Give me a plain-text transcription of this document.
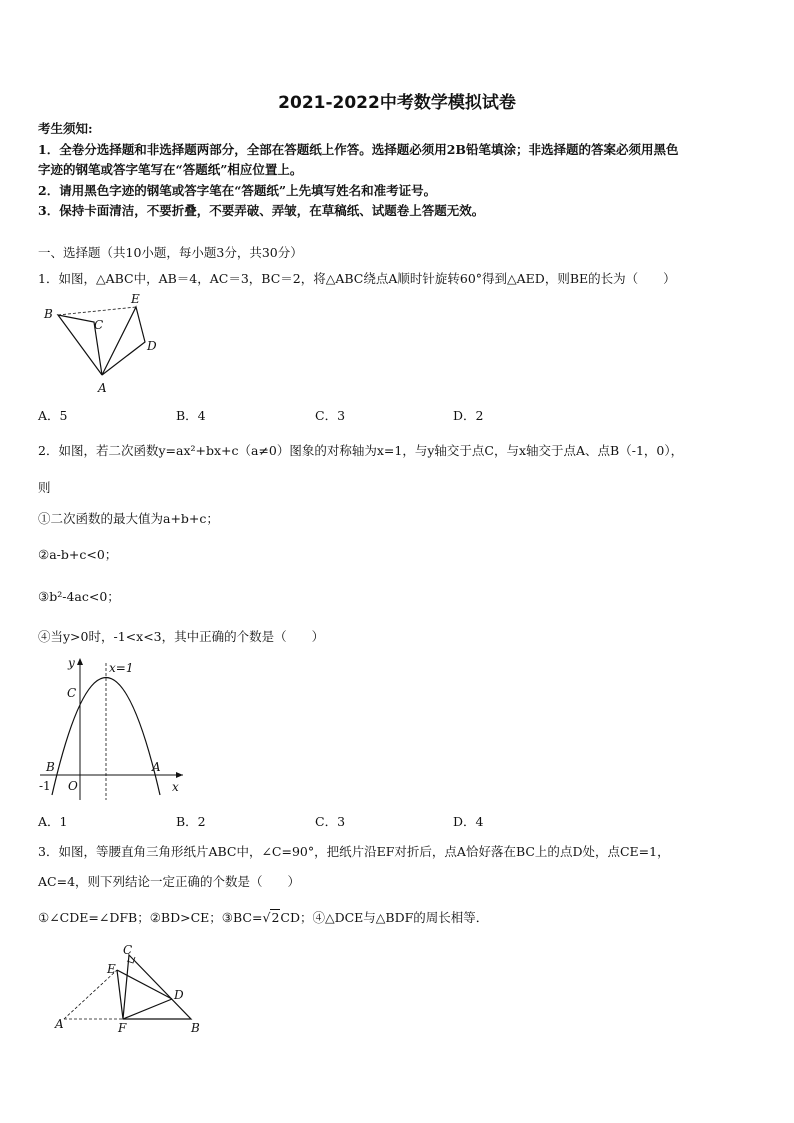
2021-2022中考数学模拟试卷
考生须知:
1．全卷分选择题和非选择题两部分，全部在答题纸上作答。选择题必须用2B铅笔填涂；非选择题的答案必须用黑色
字迹的钢笔或答字笔写在“答题纸”相应位置上。
2．请用黑色字迹的钢笔或答字笔在“答题纸”上先填写姓名和准考证号。
3．保持卡面清洁，不要折叠，不要弄破、弄皱，在草稿纸、试题卷上答题无效。
一、选择题（共10小题，每小题3分，共30分）
1．如图，△ABC中，AB＝4，AC＝3，BC＝2，将△ABC绕点A顺时针旋转60°得到△AED，则BE的长为（　　）
B
C
E
D
A
A．5	B．4	C．3	D．2
2．如图，若二次函数y=ax²+bx+c（a≠0）图象的对称轴为x=1，与y轴交于点C，与x轴交于点A、点B（-1，0），
则
①二次函数的最大值为a+b+c；
②a-b+c<0；
③b²-4ac<0；
④当y>0时，-1<x<3，其中正确的个数是（　　）
y	x=1
C
B	A
-1 O	x
A．1	B．2	C．3	D．4
3．如图，等腰直角三角形纸片ABC中，∠C=90°，把纸片沿EF对折后，点A恰好落在BC上的点D处，点CE=1，
AC=4，则下列结论一定正确的个数是（　　）
①∠CDE=∠DFB；②BD>CE；③BC=√2CD；④△DCE与△BDF的周长相等．
C
E
D
A	F	B
